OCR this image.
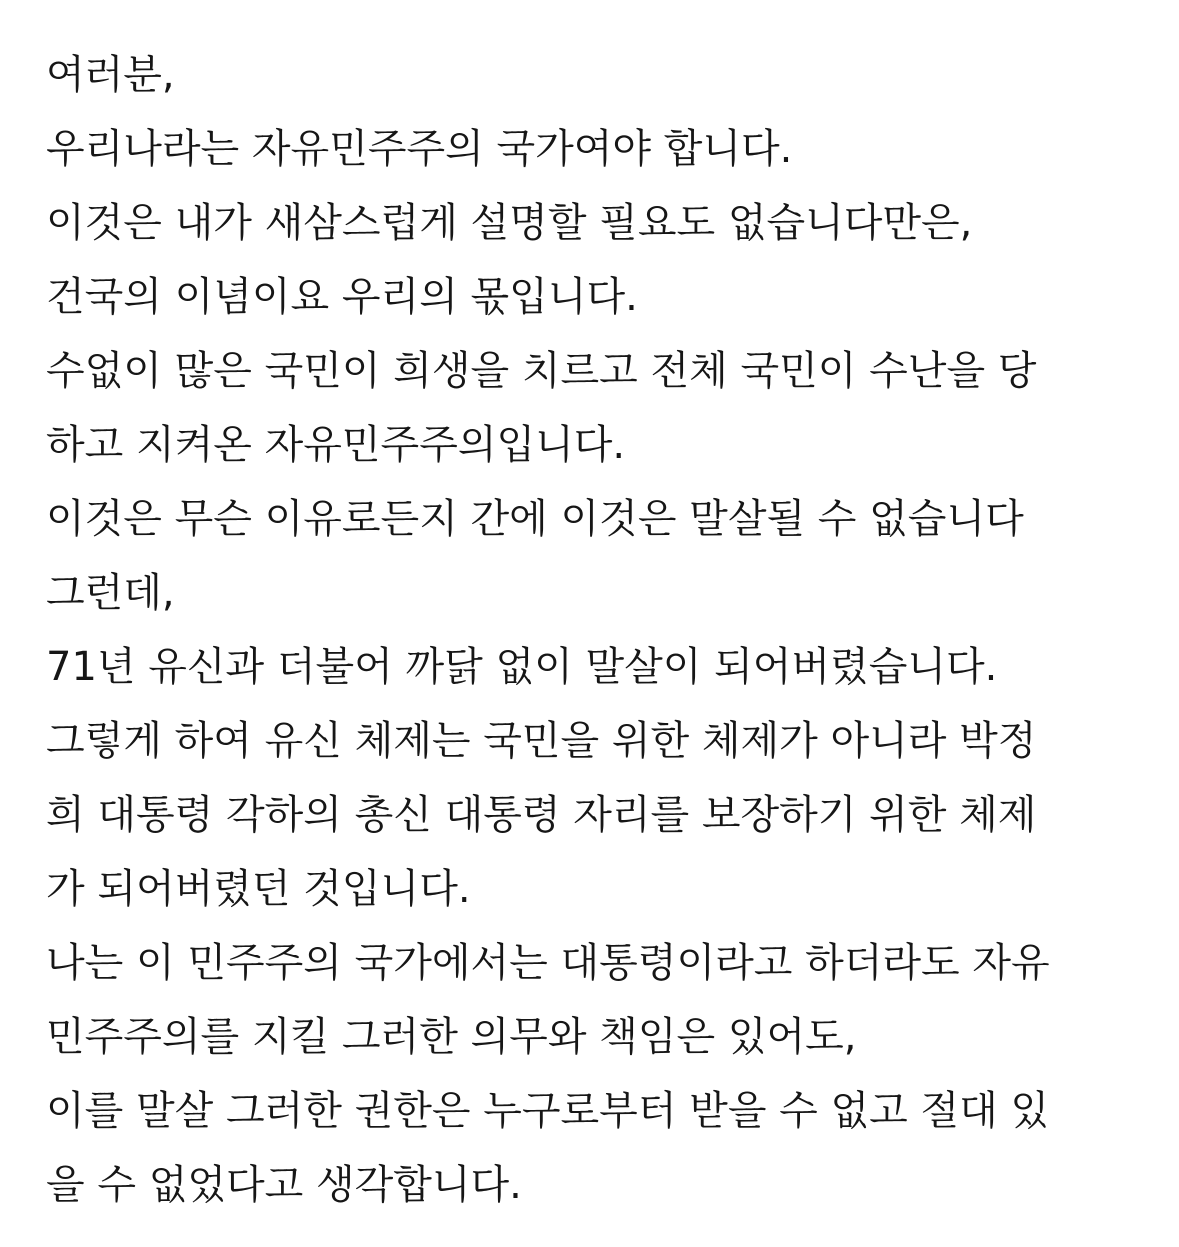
여러분,
우리나라는 자유민주주의 국가여야 합니다.
이것은 내가 새삼스럽게 설명할 필요도 없습니다만은,
건국의 이념이요 우리의 몫입니다.
수없이 많은 국민이 희생을 치르고 전체 국민이 수난을 당
하고 지켜온 자유민주주의입니다.
이것은 무슨 이유로든지 간에 이것은 말살될 수 없습니다
그런데,
71년 유신과 더불어 까닭 없이 말살이 되어버렸습니다.
그렇게 하여 유신 체제는 국민을 위한 체제가 아니라 박정
희 대통령 각하의 총신 대통령 자리를 보장하기 위한 체제
가 되어버렸던 것입니다.
나는 이 민주주의 국가에서는 대통령이라고 하더라도 자유
민주주의를 지킬 그러한 의무와 책임은 있어도,
이를 말살 그러한 권한은 누구로부터 받을 수 없고 절대 있
을 수 없었다고 생각합니다.
